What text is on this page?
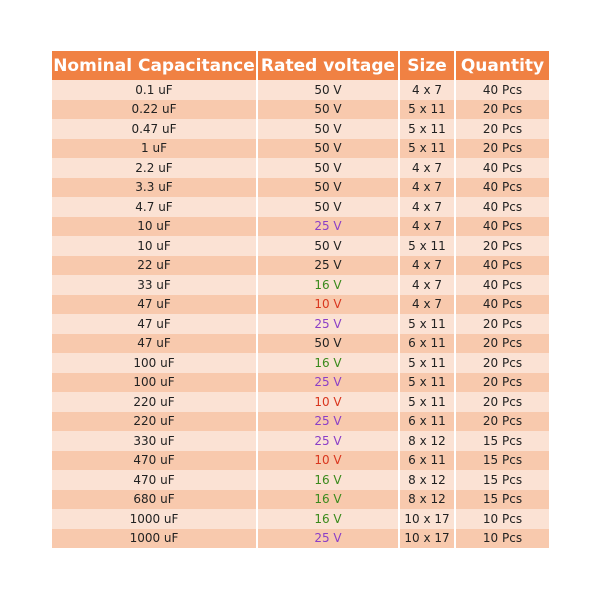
Nominal Capacitance	Rated voltage	Size	Quantity
0.1 uF	50 V	4 x 7	40 Pcs
0.22 uF	50 V	5 x 11	20 Pcs
0.47 uF	50 V	5 x 11	20 Pcs
1 uF	50 V	5 x 11	20 Pcs
2.2 uF	50 V	4 x 7	40 Pcs
3.3 uF	50 V	4 x 7	40 Pcs
4.7 uF	50 V	4 x 7	40 Pcs
10 uF	25 V	4 x 7	40 Pcs
10 uF	50 V	5 x 11	20 Pcs
22 uF	25 V	4 x 7	40 Pcs
33 uF	16 V	4 x 7	40 Pcs
47 uF	10 V	4 x 7	40 Pcs
47 uF	25 V	5 x 11	20 Pcs
47 uF	50 V	6 x 11	20 Pcs
100 uF	16 V	5 x 11	20 Pcs
100 uF	25 V	5 x 11	20 Pcs
220 uF	10 V	5 x 11	20 Pcs
220 uF	25 V	6 x 11	20 Pcs
330 uF	25 V	8 x 12	15 Pcs
470 uF	10 V	6 x 11	15 Pcs
470 uF	16 V	8 x 12	15 Pcs
680 uF	16 V	8 x 12	15 Pcs
1000 uF	16 V	10 x 17	10 Pcs
1000 uF	25 V	10 x 17	10 Pcs
